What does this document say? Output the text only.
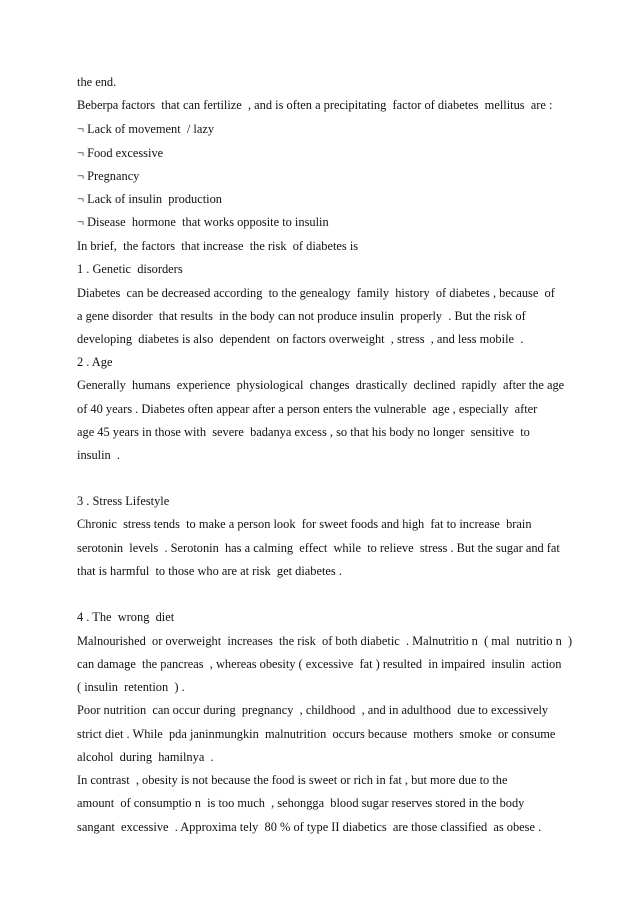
the end.

Beberpa factors  that can fertilize  , and is often a precipitating  factor of diabetes  mellitus  are :

¬ Lack of movement  / lazy

¬ Food excessive

¬ Pregnancy

¬ Lack of insulin  production

¬ Disease  hormone  that works opposite to insulin

In brief,  the factors  that increase  the risk  of diabetes is

1 . Genetic  disorders

Diabetes  can be decreased according  to the genealogy  family  history  of diabetes , because  of

a gene disorder  that results  in the body can not produce insulin  properly  . But the risk of

developing  diabetes is also  dependent  on factors overweight  , stress  , and less mobile  .

2 . Age

Generally  humans  experience  physiological  changes  drastically  declined  rapidly  after the age

of 40 years . Diabetes often appear after a person enters the vulnerable  age , especially  after

age 45 years in those with  severe  badanya excess , so that his body no longer  sensitive  to

insulin  .

3 . Stress Lifestyle

Chronic  stress tends  to make a person look  for sweet foods and high  fat to increase  brain

serotonin  levels  . Serotonin  has a calming  effect  while  to relieve  stress . But the sugar and fat

that is harmful  to those who are at risk  get diabetes .

4 . The  wrong  diet

Malnourished  or overweight  increases  the risk  of both diabetic  . Malnutritio n  ( mal  nutritio n  )

can damage  the pancreas  , whereas obesity ( excessive  fat ) resulted  in impaired  insulin  action

( insulin  retention  ) .

Poor nutrition  can occur during  pregnancy  , childhood  , and in adulthood  due to excessively

strict diet . While  pda janinmungkin  malnutrition  occurs because  mothers  smoke  or consume

alcohol  during  hamilnya  .

In contrast  , obesity is not because the food is sweet or rich in fat , but more due to the

amount  of consumptio n  is too much  , sehongga  blood sugar reserves stored in the body

sangant  excessive  . Approxima tely  80 % of type II diabetics  are those classified  as obese .
